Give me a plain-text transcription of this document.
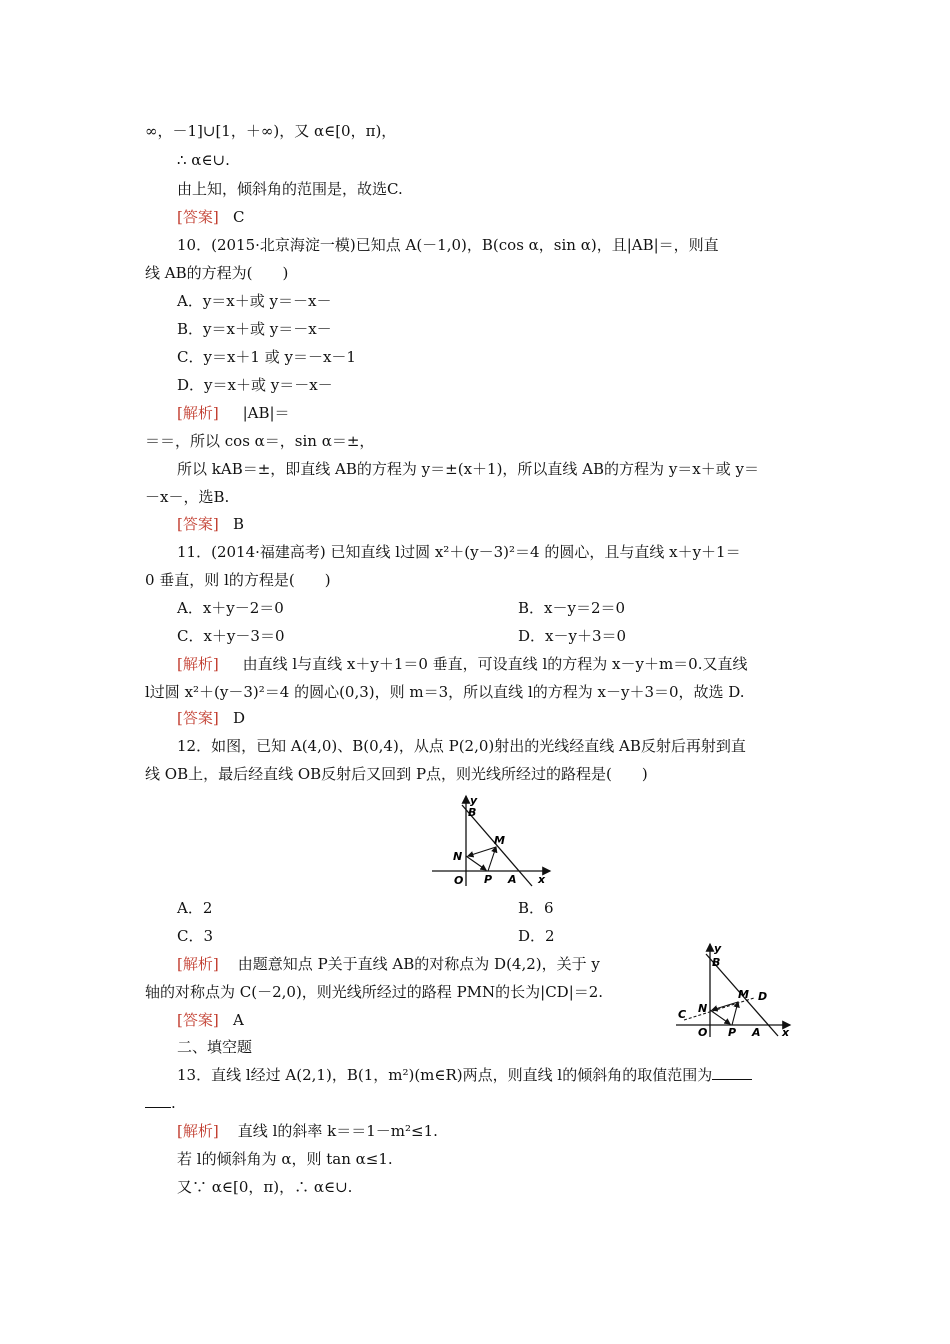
∞，－1]∪[1，＋∞)，又 α∈[0，π)，
∴ α∈∪.
由上知，倾斜角的范围是，故选C.
[答案] C
10．(2015·北京海淀一模)已知点 A(－1,0)，B(cos α，sin α)，且|AB|＝，则直
线 AB的方程为(　　)
A．y＝x＋或 y＝－x－
B．y＝x＋或 y＝－x－
C．y＝x＋1 或 y＝－x－1
D．y＝x＋或 y＝－x－
[解析] |AB|＝
＝＝，所以 cos α＝，sin α＝±，
所以 kAB＝±，即直线 AB的方程为 y＝±(x＋1)，所以直线 AB的方程为 y＝x＋或 y＝
－x－，选B.
[答案] B
11．(2014·福建高考) 已知直线 l过圆 x²＋(y－3)²＝4 的圆心，且与直线 x＋y＋1＝
0 垂直，则 l的方程是(　　)
A．x＋y－2＝0	B．x－y＝2＝0
C．x＋y－3＝0	D．x－y＋3＝0
[解析] 由直线 l与直线 x＋y＋1＝0 垂直，可设直线 l的方程为 x－y＋m＝0.又直线
l过圆 x²＋(y－3)²＝4 的圆心(0,3)，则 m＝3，所以直线 l的方程为 x－y＋3＝0，故选 D.
[答案] D
12．如图，已知 A(4,0)、B(0,4)，从点 P(2,0)射出的光线经直线 AB反射后再射到直
线 OB上，最后经直线 OB反射后又回到 P点，则光线所经过的路程是(　　)
y
B
M
N
O P A x
A．2	B．6
C．3	D．2
[解析] 由题意知点 P关于直线 AB的对称点为 D(4,2)，关于 y
轴的对称点为 C(－2,0)，则光线所经过的路程 PMN的长为|CD|＝2.
[答案] A
y
B
M D
N
C
O P A x
二、填空题
13．直线 l经过 A(2,1)，B(1，m²)(m∈R)两点，则直线 l的倾斜角的取值范围为
.
[解析] 直线 l的斜率 k＝＝1－m²≤1.
若 l的倾斜角为 α，则 tan α≤1.
又∵ α∈[0，π)，∴ α∈∪.
